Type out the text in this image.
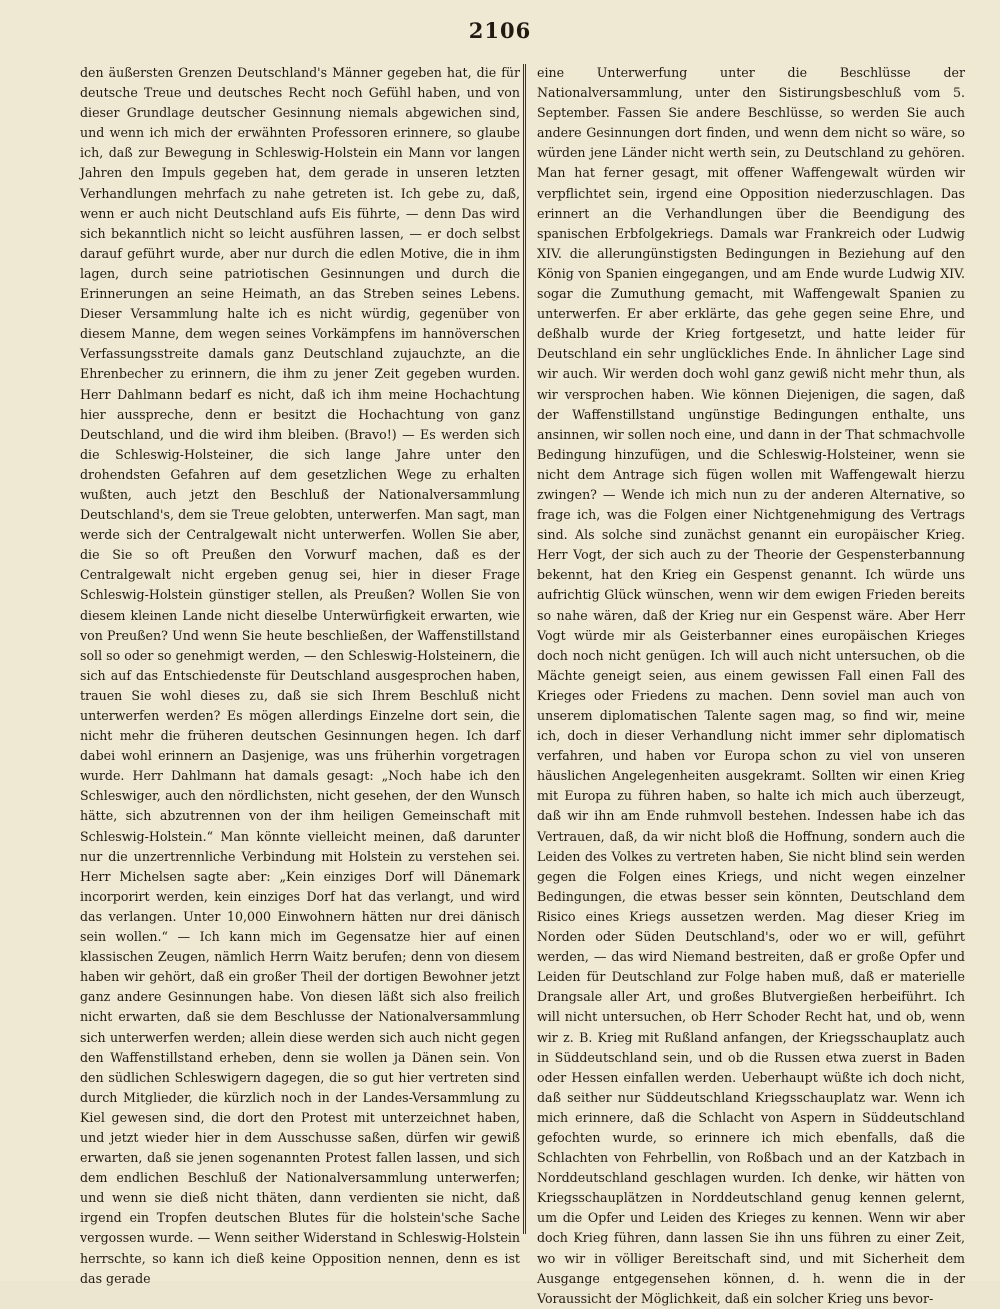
2106

den äußersten Grenzen Deutschland's Männer gegeben hat, die für deutsche Treue und deutsches Recht noch Gefühl haben, und von dieser Grundlage deutscher Gesinnung niemals abgewichen sind, und wenn ich mich der erwähnten Professoren erinnere, so glaube ich, daß zur Bewegung in Schleswig-Holstein ein Mann vor langen Jahren den Impuls gegeben hat, dem gerade in unseren letzten Verhandlungen mehrfach zu nahe getreten ist. Ich gebe zu, daß, wenn er auch nicht Deutschland aufs Eis führte, — denn Das wird sich bekanntlich nicht so leicht ausführen lassen, — er doch selbst darauf geführt wurde, aber nur durch die edlen Motive, die in ihm lagen, durch seine patriotischen Gesinnungen und durch die Erinnerungen an seine Heimath, an das Streben seines Lebens. Dieser Versammlung halte ich es nicht würdig, gegenüber von diesem Manne, dem wegen seines Vorkämpfens im hannöverschen Verfassungsstreite damals ganz Deutschland zujauchzte, an die Ehrenbecher zu erinnern, die ihm zu jener Zeit gegeben wurden. Herr Dahlmann bedarf es nicht, daß ich ihm meine Hochachtung hier ausspreche, denn er besitzt die Hochachtung von ganz Deutschland, und die wird ihm bleiben. (Bravo!) — Es werden sich die Schleswig-Holsteiner, die sich lange Jahre unter den drohendsten Gefahren auf dem gesetzlichen Wege zu erhalten wußten, auch jetzt den Beschluß der Nationalversammlung Deutschland's, dem sie Treue gelobten, unterwerfen. Man sagt, man werde sich der Centralgewalt nicht unterwerfen. Wollen Sie aber, die Sie so oft Preußen den Vorwurf machen, daß es der Centralgewalt nicht ergeben genug sei, hier in dieser Frage Schleswig-Holstein günstiger stellen, als Preußen? Wollen Sie von diesem kleinen Lande nicht dieselbe Unterwürfigkeit erwarten, wie von Preußen? Und wenn Sie heute beschließen, der Waffenstillstand soll so oder so genehmigt werden, — den Schleswig-Holsteinern, die sich auf das Entschiedenste für Deutschland ausgesprochen haben, trauen Sie wohl dieses zu, daß sie sich Ihrem Beschluß nicht unterwerfen werden? Es mögen allerdings Einzelne dort sein, die nicht mehr die früheren deutschen Gesinnungen hegen. Ich darf dabei wohl erinnern an Dasjenige, was uns früherhin vorgetragen wurde. Herr Dahlmann hat damals gesagt: „Noch habe ich den Schleswiger, auch den nördlichsten, nicht gesehen, der den Wunsch hätte, sich abzutrennen von der ihm heiligen Gemeinschaft mit Schleswig-Holstein.“ Man könnte vielleicht meinen, daß darunter nur die unzertrennliche Verbindung mit Holstein zu verstehen sei. Herr Michelsen sagte aber: „Kein einziges Dorf will Dänemark incorporirt werden, kein einziges Dorf hat das verlangt, und wird das verlangen. Unter 10,000 Einwohnern hätten nur drei dänisch sein wollen.“ — Ich kann mich im Gegensatze hier auf einen klassischen Zeugen, nämlich Herrn Waitz berufen; denn von diesem haben wir gehört, daß ein großer Theil der dortigen Bewohner jetzt ganz andere Gesinnungen habe. Von diesen läßt sich also freilich nicht erwarten, daß sie dem Beschlusse der Nationalversammlung sich unterwerfen werden; allein diese werden sich auch nicht gegen den Waffenstillstand erheben, denn sie wollen ja Dänen sein. Von den südlichen Schleswigern dagegen, die so gut hier vertreten sind durch Mitglieder, die kürzlich noch in der Landes-Versammlung zu Kiel gewesen sind, die dort den Protest mit unterzeichnet haben, und jetzt wieder hier in dem Ausschusse saßen, dürfen wir gewiß erwarten, daß sie jenen sogenannten Protest fallen lassen, und sich dem endlichen Beschluß der Nationalversammlung unterwerfen; und wenn sie dieß nicht thäten, dann verdienten sie nicht, daß irgend ein Tropfen deutschen Blutes für die holstein'sche Sache vergossen wurde. — Wenn seither Widerstand in Schleswig-Holstein herrschte, so kann ich dieß keine Opposition nennen, denn es ist das gerade

eine Unterwerfung unter die Beschlüsse der Nationalversammlung, unter den Sistirungsbeschluß vom 5. September. Fassen Sie andere Beschlüsse, so werden Sie auch andere Gesinnungen dort finden, und wenn dem nicht so wäre, so würden jene Länder nicht werth sein, zu Deutschland zu gehören. Man hat ferner gesagt, mit offener Waffengewalt würden wir verpflichtet sein, irgend eine Opposition niederzuschlagen. Das erinnert an die Verhandlungen über die Beendigung des spanischen Erbfolgekriegs. Damals war Frankreich oder Ludwig XIV. die allerungünstigsten Bedingungen in Beziehung auf den König von Spanien eingegangen, und am Ende wurde Ludwig XIV. sogar die Zumuthung gemacht, mit Waffengewalt Spanien zu unterwerfen. Er aber erklärte, das gehe gegen seine Ehre, und deßhalb wurde der Krieg fortgesetzt, und hatte leider für Deutschland ein sehr unglückliches Ende. In ähnlicher Lage sind wir auch. Wir werden doch wohl ganz gewiß nicht mehr thun, als wir versprochen haben. Wie können Diejenigen, die sagen, daß der Waffenstillstand ungünstige Bedingungen enthalte, uns ansinnen, wir sollen noch eine, und dann in der That schmachvolle Bedingung hinzufügen, und die Schleswig-Holsteiner, wenn sie nicht dem Antrage sich fügen wollen mit Waffengewalt hierzu zwingen? — Wende ich mich nun zu der anderen Alternative, so frage ich, was die Folgen einer Nichtgenehmigung des Vertrags sind. Als solche sind zunächst genannt ein europäischer Krieg. Herr Vogt, der sich auch zu der Theorie der Gespensterbannung bekennt, hat den Krieg ein Gespenst genannt. Ich würde uns aufrichtig Glück wünschen, wenn wir dem ewigen Frieden bereits so nahe wären, daß der Krieg nur ein Gespenst wäre. Aber Herr Vogt würde mir als Geisterbanner eines europäischen Krieges doch noch nicht genügen. Ich will auch nicht untersuchen, ob die Mächte geneigt seien, aus einem gewissen Fall einen Fall des Krieges oder Friedens zu machen. Denn soviel man auch von unserem diplomatischen Talente sagen mag, so find wir, meine ich, doch in dieser Verhandlung nicht immer sehr diplomatisch verfahren, und haben vor Europa schon zu viel von unseren häuslichen Angelegenheiten ausgekramt. Sollten wir einen Krieg mit Europa zu führen haben, so halte ich mich auch überzeugt, daß wir ihn am Ende ruhmvoll bestehen. Indessen habe ich das Vertrauen, daß, da wir nicht bloß die Hoffnung, sondern auch die Leiden des Volkes zu vertreten haben, Sie nicht blind sein werden gegen die Folgen eines Kriegs, und nicht wegen einzelner Bedingungen, die etwas besser sein könnten, Deutschland dem Risico eines Kriegs aussetzen werden. Mag dieser Krieg im Norden oder Süden Deutschland's, oder wo er will, geführt werden, — das wird Niemand bestreiten, daß er große Opfer und Leiden für Deutschland zur Folge haben muß, daß er materielle Drangsale aller Art, und großes Blutvergießen herbeiführt. Ich will nicht untersuchen, ob Herr Schoder Recht hat, und ob, wenn wir z. B. Krieg mit Rußland anfangen, der Kriegsschauplatz auch in Süddeutschland sein, und ob die Russen etwa zuerst in Baden oder Hessen einfallen werden. Ueberhaupt wüßte ich doch nicht, daß seither nur Süddeutschland Kriegsschauplatz war. Wenn ich mich erinnere, daß die Schlacht von Aspern in Süddeutschland gefochten wurde, so erinnere ich mich ebenfalls, daß die Schlachten von Fehrbellin, von Roßbach und an der Katzbach in Norddeutschland geschlagen wurden. Ich denke, wir hätten von Kriegsschauplätzen in Norddeutschland genug kennen gelernt, um die Opfer und Leiden des Krieges zu kennen. Wenn wir aber doch Krieg führen, dann lassen Sie ihn uns führen zu einer Zeit, wo wir in völliger Bereitschaft sind, und mit Sicherheit dem Ausgange entgegensehen können, d. h. wenn die in der Voraussicht der Möglichkeit, daß ein solcher Krieg uns bevor-
